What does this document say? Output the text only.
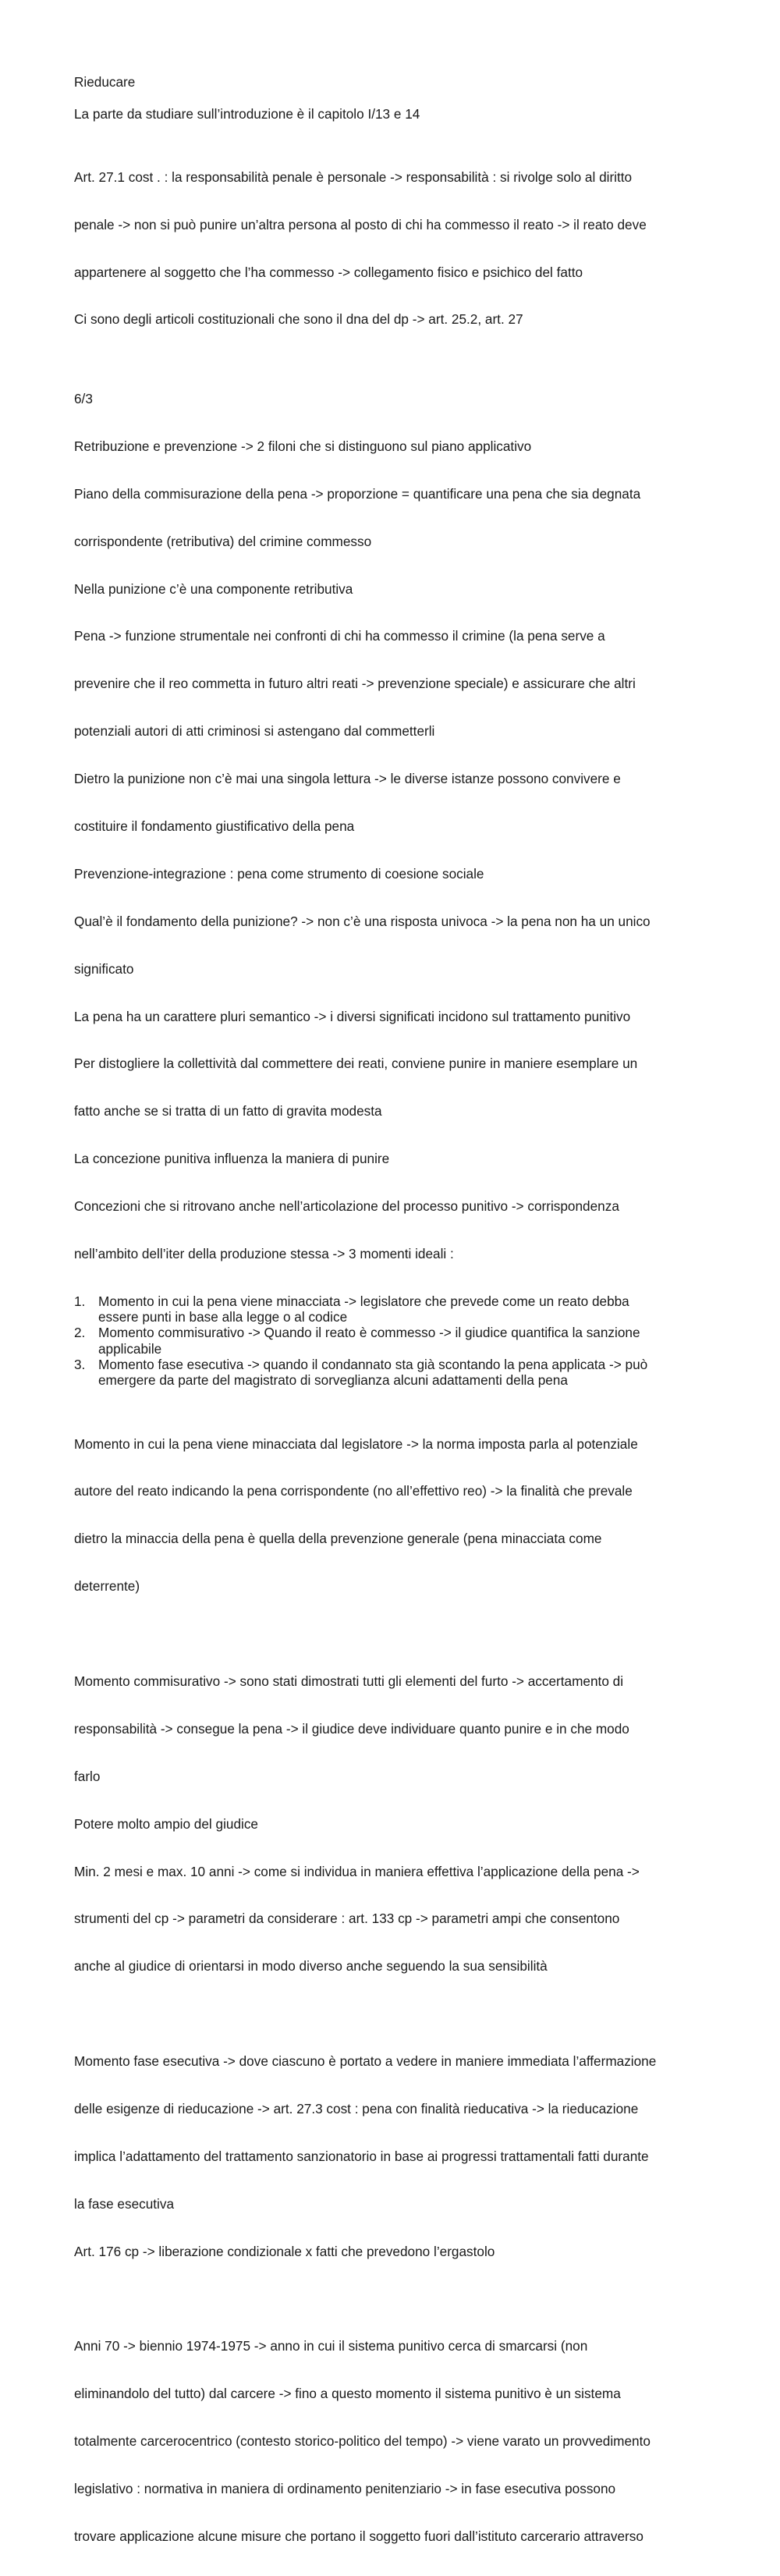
Rieducare

La parte da studiare sull’introduzione è il capitolo I/13 e 14

Art. 27.1 cost . : la responsabilità penale è personale -> responsabilità : si rivolge solo al diritto

penale -> non si può punire un’altra persona al posto di chi ha commesso il reato -> il reato deve

appartenere al soggetto che l’ha commesso -> collegamento fisico e psichico del fatto

Ci sono degli articoli costituzionali che sono il dna del dp -> art. 25.2, art. 27

6/3

Retribuzione e prevenzione -> 2 filoni che si distinguono sul piano applicativo

Piano della commisurazione della pena -> proporzione = quantificare una pena che sia degnata

corrispondente (retributiva) del crimine commesso

Nella punizione c’è una componente retributiva

Pena -> funzione strumentale nei confronti di chi ha commesso il crimine (la pena serve a

prevenire che il reo commetta in futuro altri reati -> prevenzione speciale) e assicurare che altri

potenziali autori di atti criminosi si astengano dal commetterli

Dietro la punizione non c’è mai una singola lettura -> le diverse istanze possono convivere e

costituire il fondamento giustificativo della pena

Prevenzione-integrazione : pena come strumento di coesione sociale

Qual’è il fondamento della punizione? -> non c’è una risposta univoca -> la pena non ha un unico

significato

La pena ha un carattere pluri semantico -> i diversi significati incidono sul trattamento punitivo

Per distogliere la collettività dal commettere dei reati, conviene punire in maniere esemplare un

fatto anche se si tratta di un fatto di gravita modesta

La concezione punitiva influenza la maniera di punire

Concezioni che si ritrovano anche nell’articolazione del processo punitivo -> corrispondenza

nell’ambito dell’iter della produzione stessa -> 3 momenti ideali :

1. Momento in cui la pena viene minacciata -> legislatore che prevede come un reato debba
essere punti in base alla legge o al codice
2. Momento commisurativo -> Quando il reato è commesso -> il giudice quantifica la sanzione
applicabile
3. Momento fase esecutiva -> quando il condannato sta già scontando la pena applicata -> può
emergere da parte del magistrato di sorveglianza alcuni adattamenti della pena

Momento in cui la pena viene minacciata dal legislatore -> la norma imposta parla al potenziale

autore del reato indicando la pena corrispondente (no all’effettivo reo) -> la finalità che prevale

dietro la minaccia della pena è quella della prevenzione generale (pena minacciata come

deterrente)

Momento commisurativo -> sono stati dimostrati tutti gli elementi del furto -> accertamento di

responsabilità -> consegue la pena -> il giudice deve individuare quanto punire e in che modo

farlo

Potere molto ampio del giudice

Min. 2 mesi e max. 10 anni -> come si individua in maniera effettiva l’applicazione della pena ->

strumenti del cp -> parametri da considerare : art. 133 cp -> parametri ampi che consentono

anche al giudice di orientarsi in modo diverso anche seguendo la sua sensibilità

Momento fase esecutiva -> dove ciascuno è portato a vedere in maniere immediata l’affermazione

delle esigenze di rieducazione -> art. 27.3 cost : pena con finalità rieducativa -> la rieducazione

implica l’adattamento del trattamento sanzionatorio in base ai progressi trattamentali fatti durante

la fase esecutiva

Art. 176 cp -> liberazione condizionale x fatti che prevedono l’ergastolo

Anni 70 -> biennio 1974-1975 -> anno in cui il sistema punitivo cerca di smarcarsi (non

eliminandolo del tutto) dal carcere -> fino a questo momento il sistema punitivo è un sistema

totalmente carcerocentrico (contesto storico-politico del tempo) -> viene varato un provvedimento

legislativo : normativa in maniera di ordinamento penitenziario -> in fase esecutiva possono

trovare applicazione alcune misure che portano il soggetto fuori dall’istituto carcerario attraverso
